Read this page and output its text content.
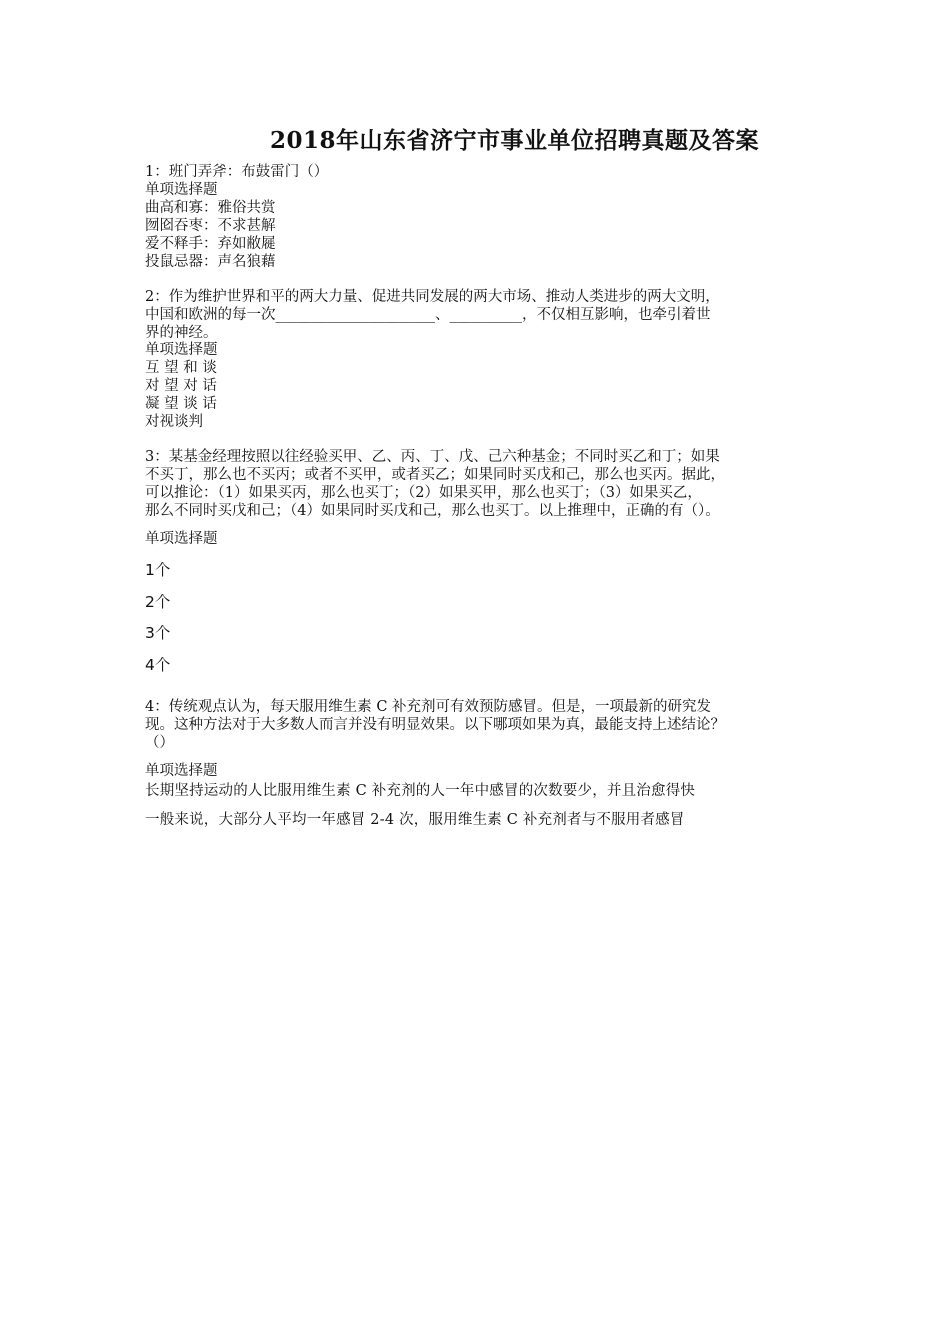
2018年山东省济宁市事业单位招聘真题及答案
1：班门弄斧：布鼓雷门（）
单项选择题
曲高和寡：雅俗共赏
囫囵吞枣：不求甚解
爱不释手：弃如敝屣
投鼠忌器：声名狼藉
2：作为维护世界和平的两大力量、促进共同发展的两大市场、推动人类进步的两大文明，
中国和欧洲的每一次______________________、__________，不仅相互影响，也牵引着世
界的神经。
单项选择题
互 望 和 谈
对 望 对 话
凝 望 谈 话
对视谈判
3：某基金经理按照以往经验买甲、乙、丙、丁、戊、己六种基金；不同时买乙和丁；如果
不买丁，那么也不买丙；或者不买甲，或者买乙；如果同时买戊和己，那么也买丙。据此，
可以推论：（1）如果买丙，那么也买丁；（2）如果买甲，那么也买丁；（3）如果买乙，
那么不同时买戊和己；（4）如果同时买戊和己，那么也买丁。以上推理中，正确的有（）。
单项选择题
1个
2个
3个
4个
4：传统观点认为，每天服用维生素 C 补充剂可有效预防感冒。但是，一项最新的研究发
现。这种方法对于大多数人而言并没有明显效果。以下哪项如果为真，最能支持上述结论？
（）
单项选择题
长期坚持运动的人比服用维生素 C 补充剂的人一年中感冒的次数要少，并且治愈得快
一般来说，大部分人平均一年感冒 2-4 次，服用维生素 C 补充剂者与不服用者感冒
